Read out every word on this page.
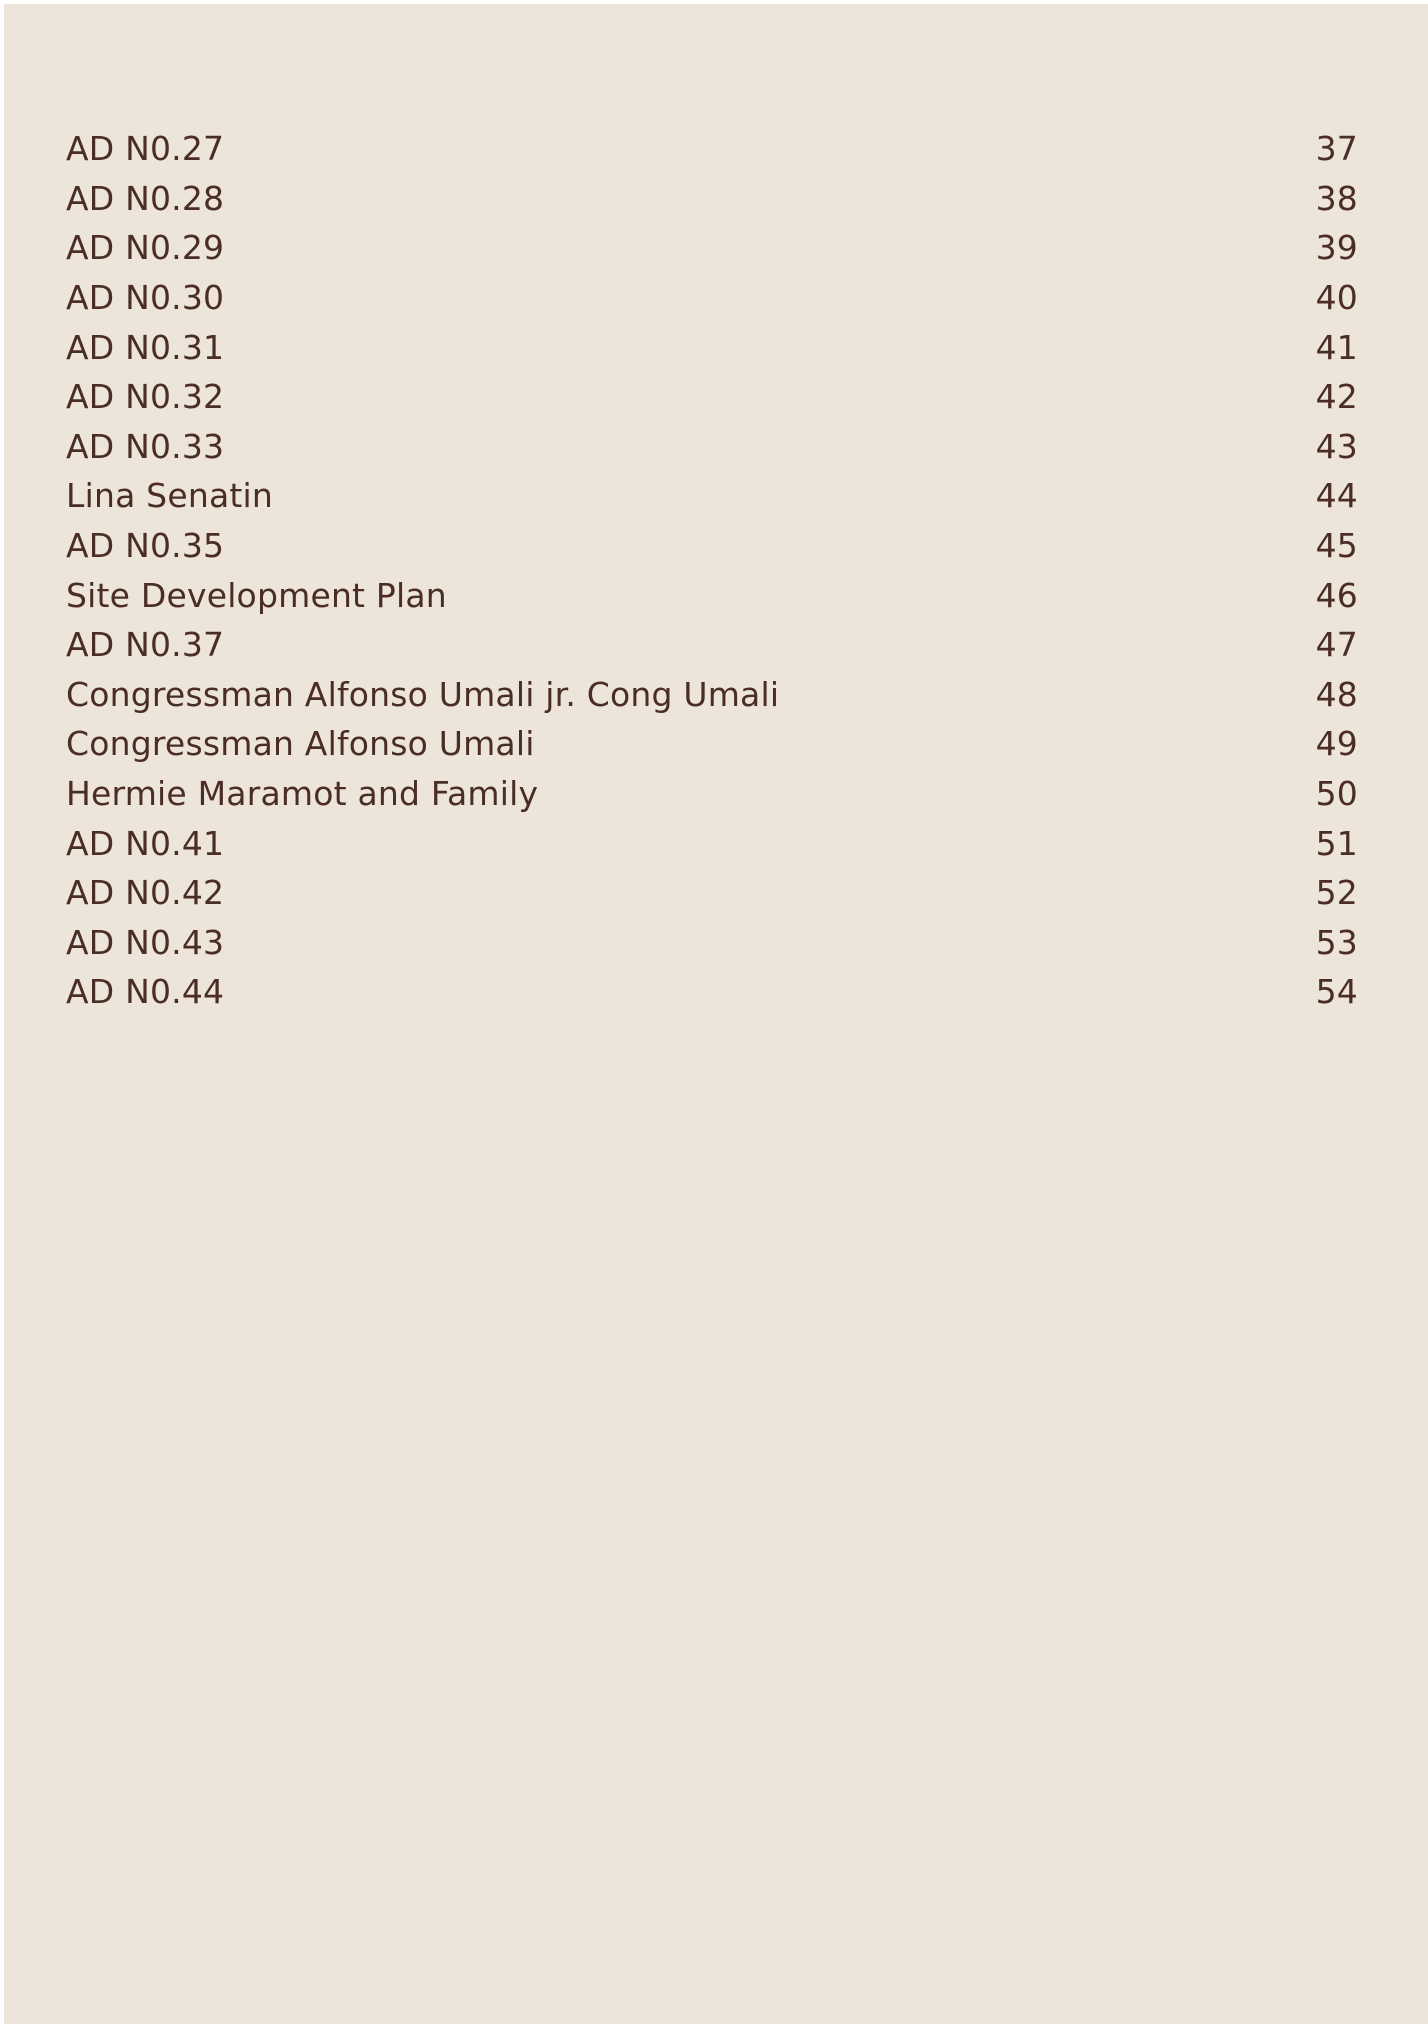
AD N0.27	37
AD N0.28	38
AD N0.29	39
AD N0.30	40
AD N0.31	41
AD N0.32	42
AD N0.33	43
Lina Senatin	44
AD N0.35	45
Site Development Plan	46
AD N0.37	47
Congressman Alfonso Umali jr. Cong Umali	48
Congressman Alfonso Umali	49
Hermie Maramot and Family	50
AD N0.41	51
AD N0.42	52
AD N0.43	53
AD N0.44	54
